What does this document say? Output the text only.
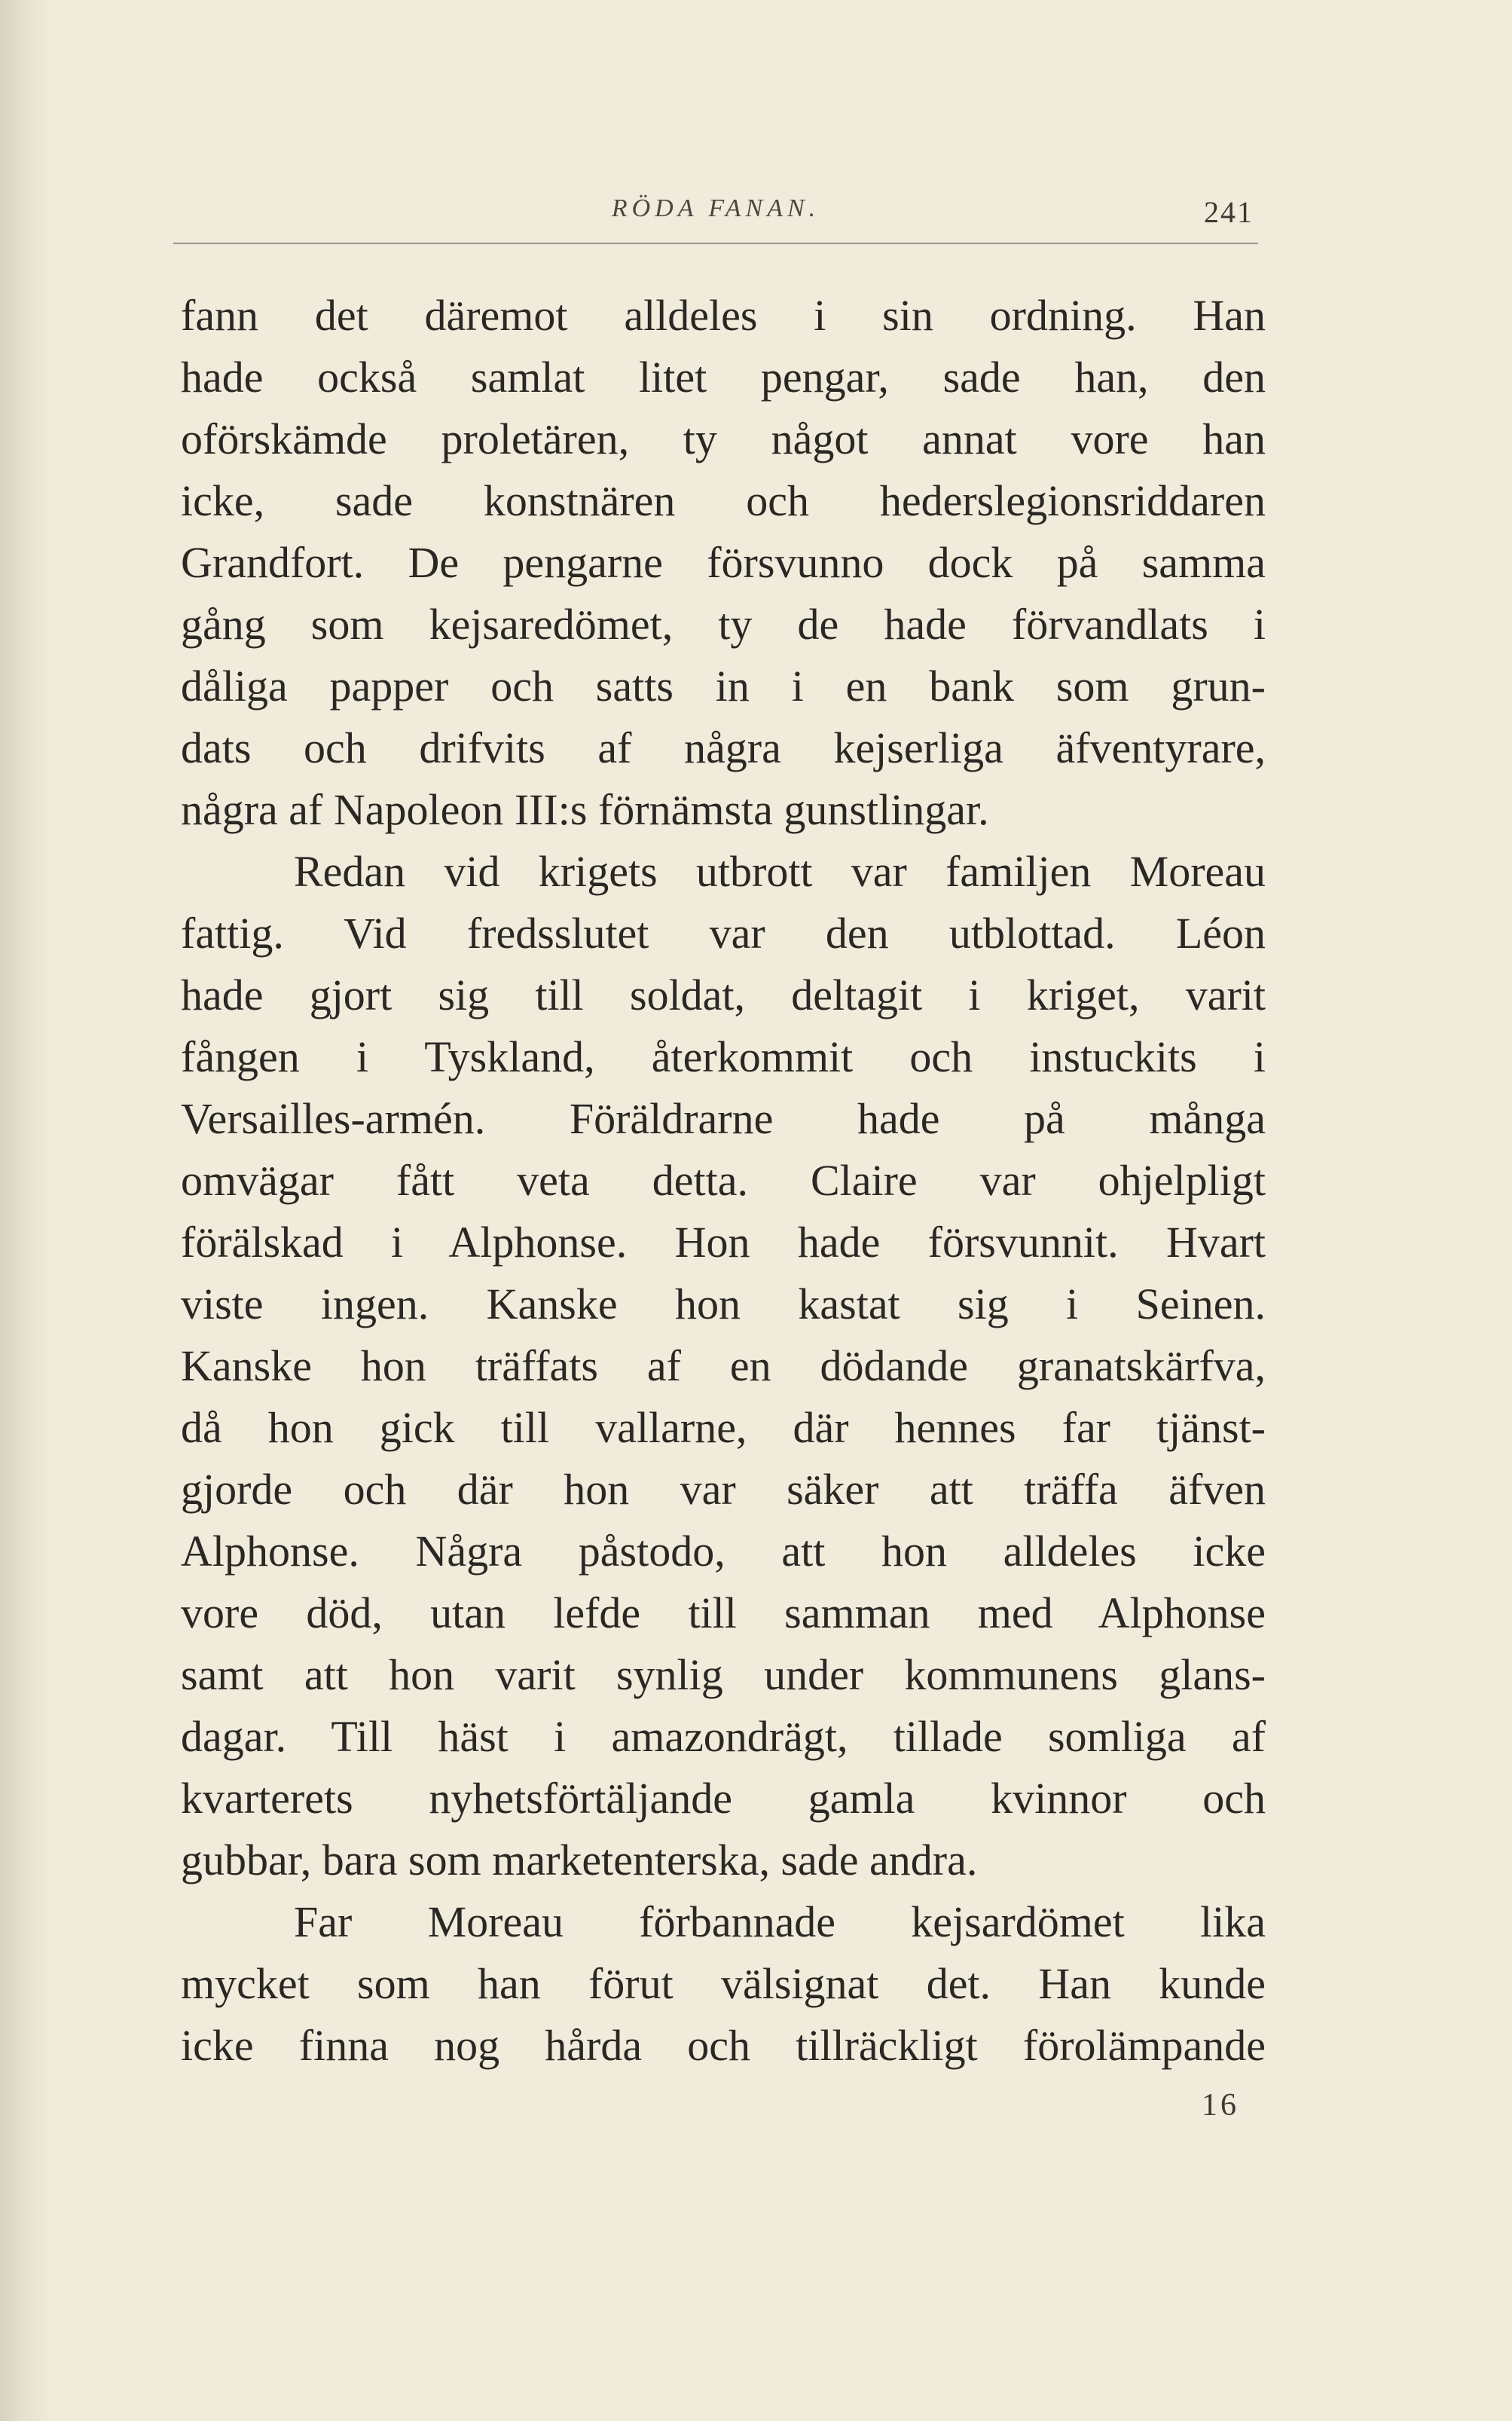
RÖDA FANAN.	241
fann det däremot alldeles i sin ordning. Han
hade också samlat litet pengar, sade han, den
oförskämde proletären, ty något annat vore han
icke, sade konstnären och hederslegionsriddaren
Grandfort. De pengarne försvunno dock på samma
gång som kejsaredömet, ty de hade förvandlats i
dåliga papper och satts in i en bank som grun-
dats och drifvits af några kejserliga äfventyrare,
några af Napoleon III:s förnämsta gunstlingar.
Redan vid krigets utbrott var familjen Moreau
fattig. Vid fredsslutet var den utblottad. Léon
hade gjort sig till soldat, deltagit i kriget, varit
fången i Tyskland, återkommit och instuckits i
Versailles-armén. Föräldrarne hade på många
omvägar fått veta detta. Claire var ohjelpligt
förälskad i Alphonse. Hon hade försvunnit. Hvart
viste ingen. Kanske hon kastat sig i Seinen.
Kanske hon träffats af en dödande granatskärfva,
då hon gick till vallarne, där hennes far tjänst-
gjorde och där hon var säker att träffa äfven
Alphonse. Några påstodo, att hon alldeles icke
vore död, utan lefde till samman med Alphonse
samt att hon varit synlig under kommunens glans-
dagar. Till häst i amazondrägt, tillade somliga af
kvarterets nyhetsförtäljande gamla kvinnor och
gubbar, bara som marketenterska, sade andra.
Far Moreau förbannade kejsardömet lika
mycket som han förut välsignat det. Han kunde
icke finna nog hårda och tillräckligt förolämpande
16
